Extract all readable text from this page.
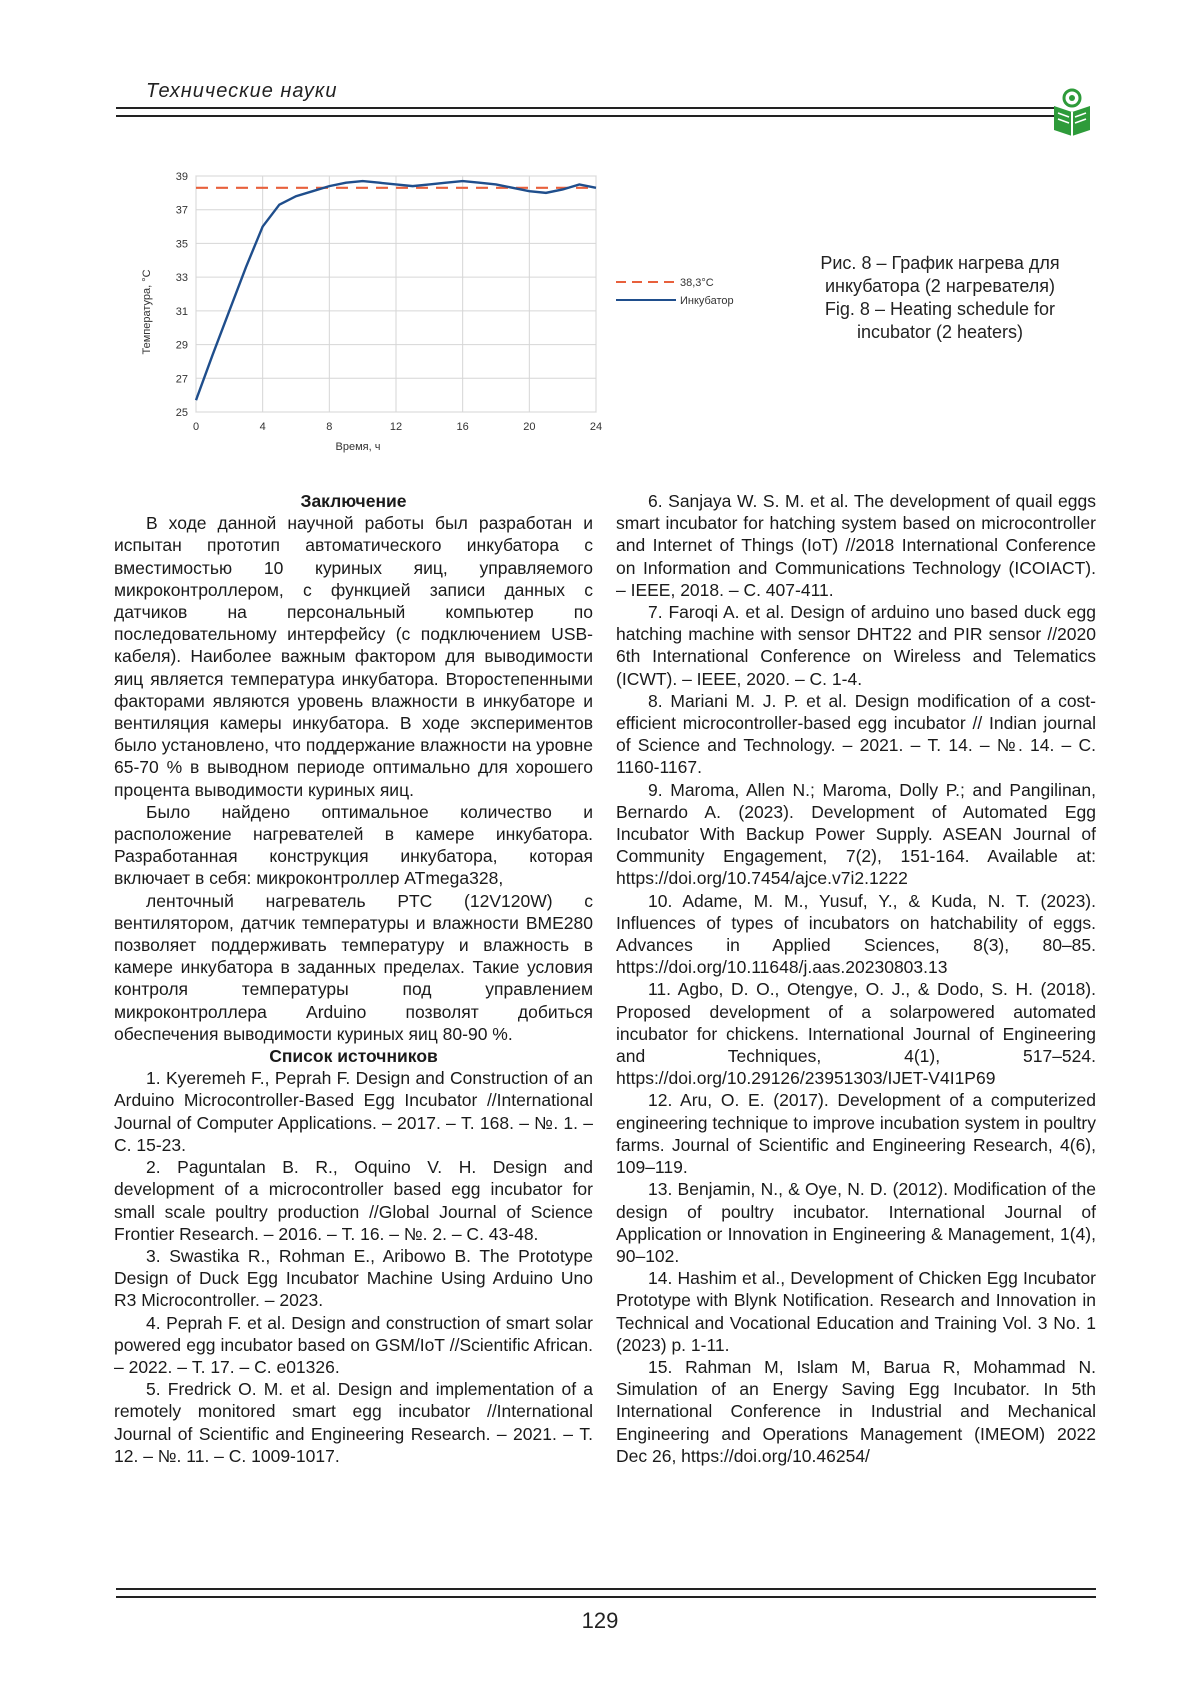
Технические науки
25
27
29
31
33
35
37
39
0	4	8	12	16	20	24
38,3°С
Инкубатор
Температура, °С
Время, ч
Рис. 8 – График нагрева для
инкубатора (2 нагревателя)
Fig. 8 – Heating schedule for
incubator (2 heaters)
Заключение

В ходе данной научной работы был разработан и испытан прототип автоматического инкубатора с вместимостью 10 куриных яиц, управляемого микроконтроллером, с функцией записи данных с датчиков на персональный компьютер по последовательному интерфейсу (с подключением USB-кабеля). Наиболее важным фактором для выводимости яиц является температура инкубатора. Второстепенными факторами являются уровень влажности в инкубаторе и вентиляция камеры инкубатора. В ходе экспериментов было установлено, что поддержание влажности на уровне 65-70 % в выводном периоде оптимально для хорошего процента выводимости куриных яиц.

Было найдено оптимальное количество и расположение нагревателей в камере инкубатора. Разработанная конструкция инкубатора, которая включает в себя: микроконтроллер ATmega328,

ленточный нагреватель PTC (12V120W) с вентилятором, датчик температуры и влажности BME280 позволяет поддерживать температуру и влажность в камере инкубатора в заданных пределах. Такие условия контроля температуры под управлением микроконтроллера Arduino позволят добиться обеспечения выводимости куриных яиц 80-90 %.

Список источников

1. Kyeremeh F., Peprah F. Design and Construction of an Arduino Microcontroller-Based Egg Incubator //International Journal of Computer Applications. – 2017. – Т. 168. – №. 1. – С. 15-23.

2. Paguntalan B. R., Oquino V. H. Design and development of a microcontroller based egg incubator for small scale poultry production //Global Journal of Science Frontier Research. – 2016. – Т. 16. – №. 2. – С. 43-48.

3. Swastika R., Rohman E., Aribowo B. The Prototype Design of Duck Egg Incubator Machine Using Arduino Uno R3 Microcontroller. – 2023.

4. Peprah F. et al. Design and construction of smart solar powered egg incubator based on GSM/IoT //Scientific African. – 2022. – Т. 17. – С. e01326.

5. Fredrick O. M. et al. Design and implementation of a remotely monitored smart egg incubator //International Journal of Scientific and Engineering Research. – 2021. – Т. 12. – №. 11. – С. 1009-1017.

6. Sanjaya W. S. M. et al. The development of quail eggs smart incubator for hatching system based on microcontroller and Internet of Things (IoT) //2018 International Conference on Information and Communications Technology (ICOIACT). – IEEE, 2018. – С. 407-411.

7. Faroqi A. et al. Design of arduino uno based duck egg hatching machine with sensor DHT22 and PIR sensor //2020 6th International Conference on Wireless and Telematics (ICWT). – IEEE, 2020. – С. 1-4.

8. Mariani M. J. P. et al. Design modification of a cost-efficient microcontroller-based egg incubator // Indian journal of Science and Technology. – 2021. – Т. 14. – №. 14. – С. 1160-1167.

9. Maroma, Allen N.; Maroma, Dolly P.; and Pangilinan, Bernardo A. (2023). Development of Automated Egg Incubator With Backup Power Supply. ASEAN Journal of Community Engagement, 7(2), 151-164. Available at: https://doi.org/10.7454/ajce.v7i2.1222

10. Adame, M. M., Yusuf, Y., & Kuda, N. T. (2023). Influences of types of incubators on hatchability of eggs. Advances in Applied Sciences, 8(3), 80–85. https://doi.org/10.11648/j.aas.20230803.13

11. Agbo, D. O., Otengye, O. J., & Dodo, S. H. (2018). Proposed development of a solarpowered automated incubator for chickens. International Journal of Engineering and Techniques, 4(1), 517–524. https://doi.org/10.29126/23951303/IJET-V4I1P69

12. Aru, O. E. (2017). Development of a computerized engineering technique to improve incubation system in poultry farms. Journal of Scientific and Engineering Research, 4(6), 109–119.

13. Benjamin, N., & Oye, N. D. (2012). Modification of the design of poultry incubator. International Journal of Application or Innovation in Engineering & Management, 1(4), 90–102.

14. Hashim et al., Development of Chicken Egg Incubator Prototype with Blynk Notification. Research and Innovation in Technical and Vocational Education and Training Vol. 3 No. 1 (2023) p. 1-11.

15. Rahman M, Islam M, Barua R, Mohammad N. Simulation of an Energy Saving Egg Incubator. In 5th International Conference in Industrial and Mechanical Engineering and Operations Management (IMEOM) 2022 Dec 26, https://doi.org/10.46254/

129
